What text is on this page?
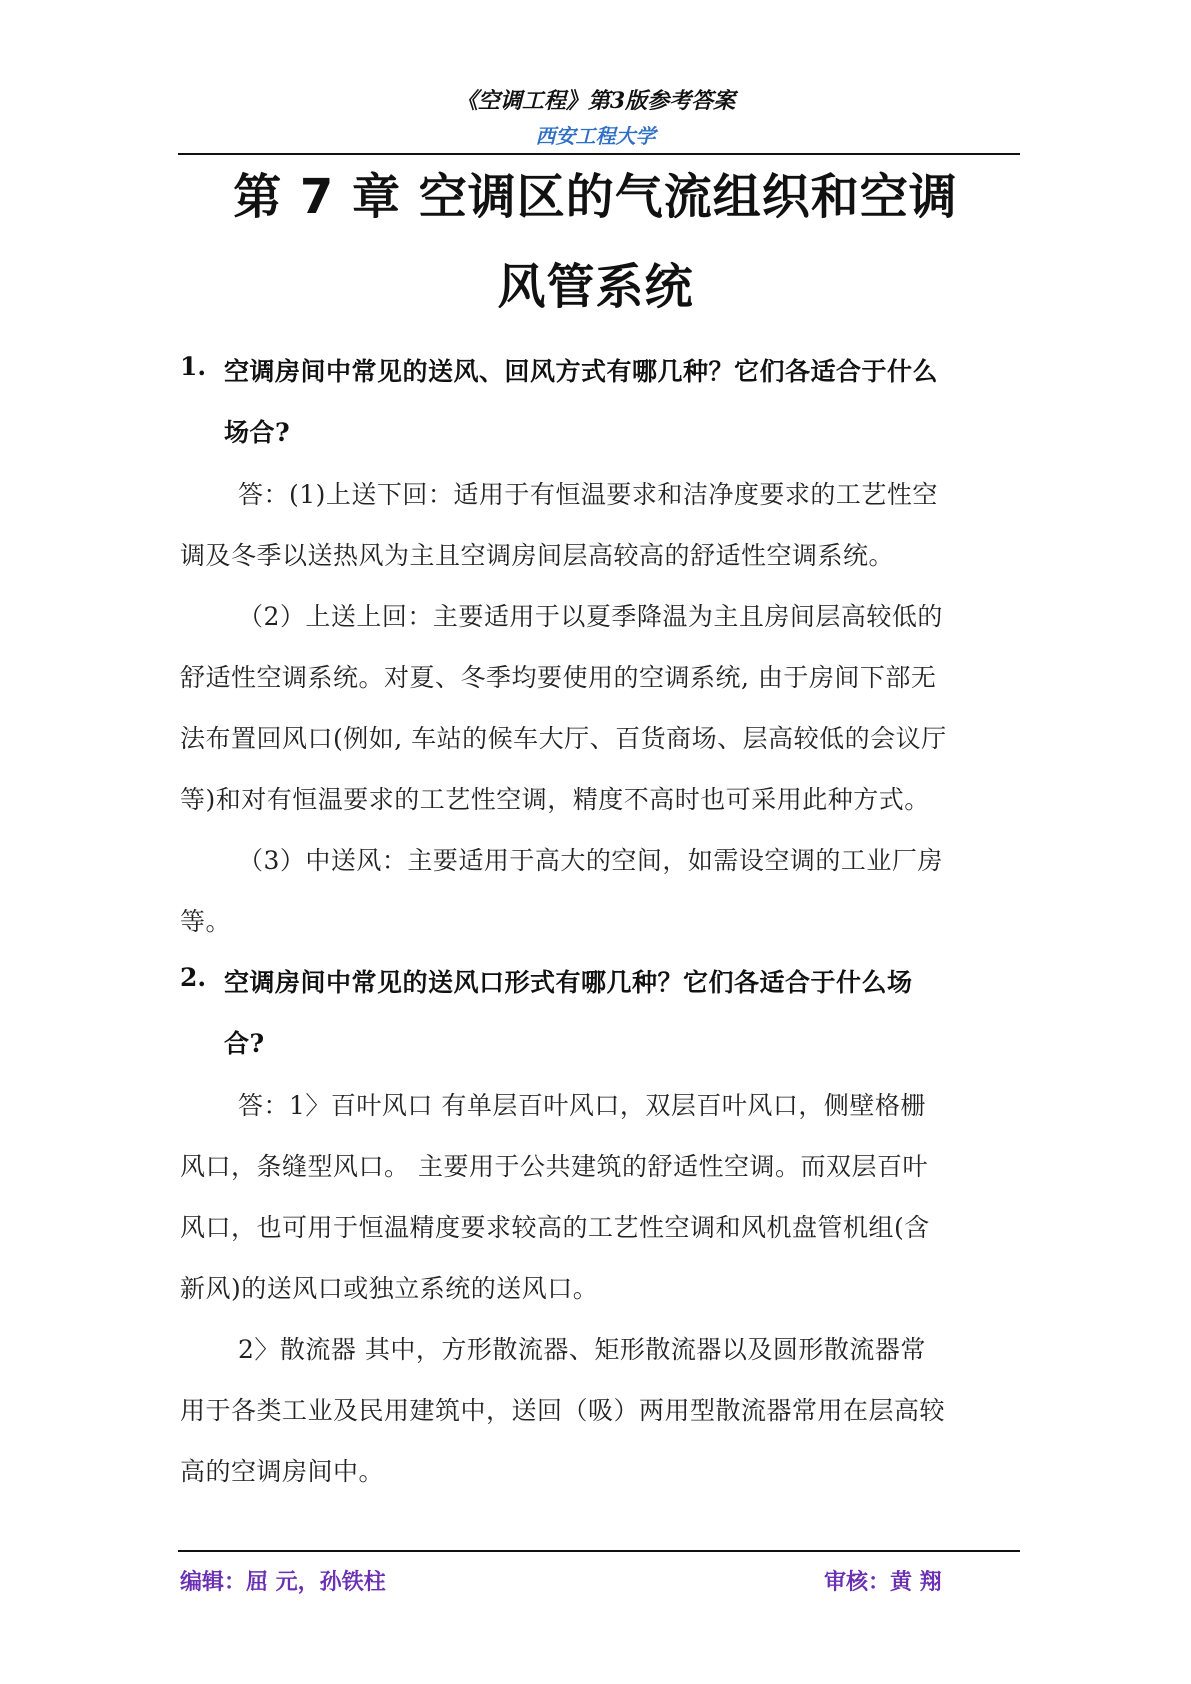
《空调工程》第3版参考答案
西安工程大学
第 7 章 空调区的气流组织和空调
风管系统
1. 空调房间中常见的送风、回风方式有哪几种？它们各适合于什么
场合?
答：(1)上送下回：适用于有恒温要求和洁净度要求的工艺性空
调及冬季以送热风为主且空调房间层高较高的舒适性空调系统。
（2）上送上回：主要适用于以夏季降温为主且房间层高较低的
舒适性空调系统。对夏、冬季均要使用的空调系统, 由于房间下部无
法布置回风口(例如, 车站的候车大厅、百货商场、层高较低的会议厅
等)和对有恒温要求的工艺性空调，精度不高时也可采用此种方式。
（3）中送风：主要适用于高大的空间，如需设空调的工业厂房
等。
2. 空调房间中常见的送风口形式有哪几种？它们各适合于什么场
合?
答：1〉百叶风口 有单层百叶风口，双层百叶风口，侧壁格栅
风口，条缝型风口。 主要用于公共建筑的舒适性空调。而双层百叶
风口，也可用于恒温精度要求较高的工艺性空调和风机盘管机组(含
新风)的送风口或独立系统的送风口。
2〉散流器 其中，方形散流器、矩形散流器以及圆形散流器常
用于各类工业及民用建筑中，送回（吸）两用型散流器常用在层高较
高的空调房间中。
编辑：屈 元，孙铁柱	审核：黄 翔
